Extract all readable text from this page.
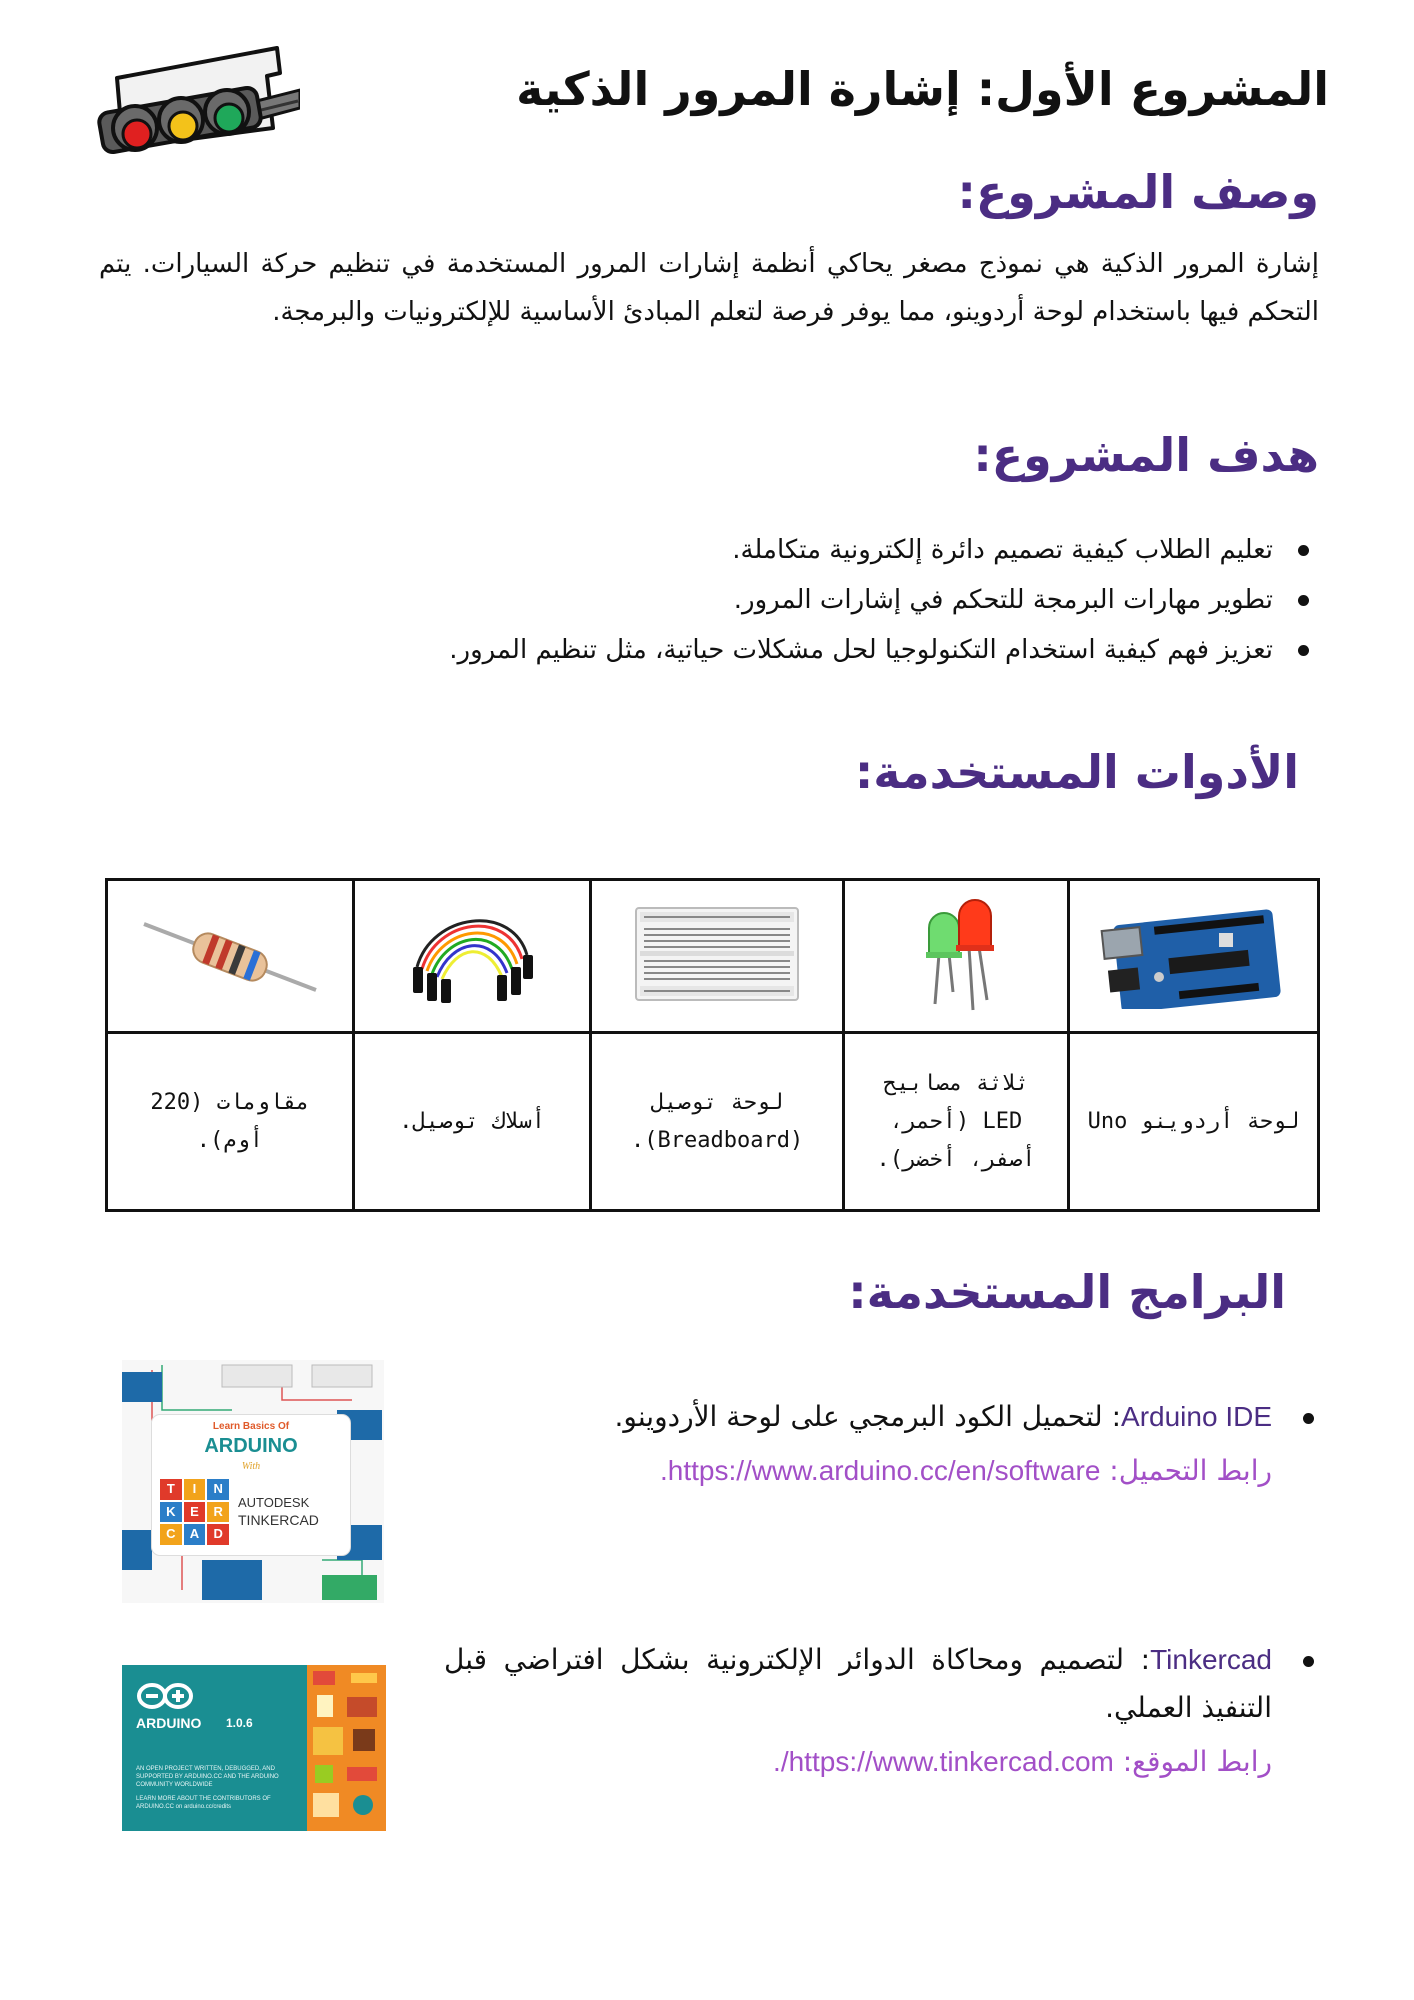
المشروع الأول: إشارة المرور الذكية
وصف المشروع:
إشارة المرور الذكية هي نموذج مصغر يحاكي أنظمة إشارات المرور المستخدمة في تنظيم حركة السيارات. يتم التحكم فيها باستخدام لوحة أردوينو، مما يوفر فرصة لتعلم المبادئ الأساسية للإلكترونيات والبرمجة.
هدف المشروع:
تعليم الطلاب كيفية تصميم دائرة إلكترونية متكاملة.
تطوير مهارات البرمجة للتحكم في إشارات المرور.
تعزيز فهم كيفية استخدام التكنولوجيا لحل مشكلات حياتية، مثل تنظيم المرور.
الأدوات المستخدمة:

لوحة أردوينو Uno	ثلاثة مصابيح LED (أحمر، أصفر، أخضر).	لوحة توصيل (Breadboard).	أسلاك توصيل.	مقاومات (220 أوم).
البرامج المستخدمة:
Arduino IDE: لتحميل الكود البرمجي على لوحة الأردوينو.
رابط التحميل: https://www.arduino.cc/en/software.
Tinkercad: لتصميم ومحاكاة الدوائر الإلكترونية بشكل افتراضي قبل التنفيذ العملي.
رابط الموقع: https://www.tinkercad.com/.
Learn Basics Of
ARDUINO
With
T	I	N
K	E	R
C	A	D
AUTODESK
TINKERCAD
ARDUINO 1.0.6
AN OPEN PROJECT WRITTEN, DEBUGGED, AND SUPPORTED BY ARDUINO.CC AND THE ARDUINO COMMUNITY WORLDWIDE
LEARN MORE ABOUT THE CONTRIBUTORS OF ARDUINO.CC on arduino.cc/credits
